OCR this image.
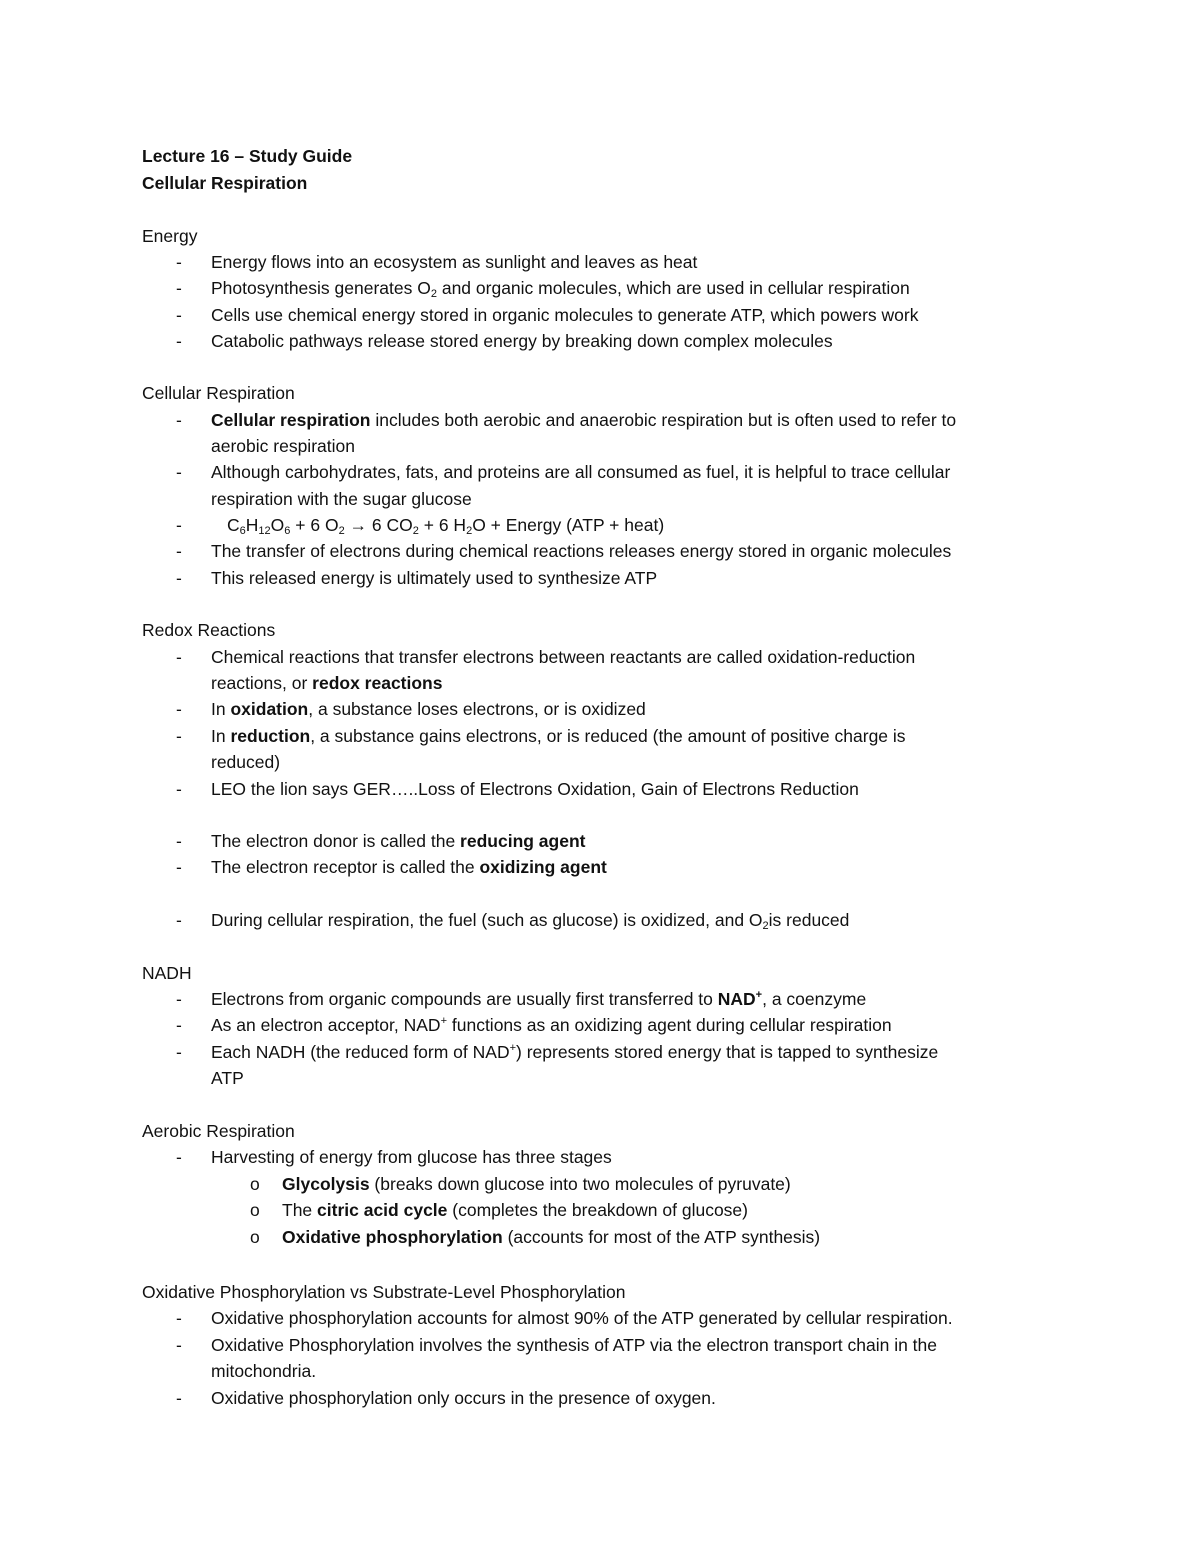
Lecture 16 – Study Guide
Cellular Respiration
Energy
- Energy flows into an ecosystem as sunlight and leaves as heat
- Photosynthesis generates $O_2$ and organic molecules, which are used in cellular respiration
- Cells use chemical energy stored in organic molecules to generate ATP, which powers work
- Catabolic pathways release stored energy by breaking down complex molecules
Cellular Respiration
- Cellular respiration includes both aerobic and anaerobic respiration but is often used to refer to
aerobic respiration
- Although carbohydrates, fats, and proteins are all consumed as fuel, it is helpful to trace cellular
respiration with the sugar glucose
-	$C_6H_{12}O_6 + 6$ $O_2 \to 6$ $CO_2 + 6$ $H_2O$ + Energy (ATP + heat)
- The transfer of electrons during chemical reactions releases energy stored in organic molecules
- This released energy is ultimately used to synthesize ATP
Redox Reactions
- Chemical reactions that transfer electrons between reactants are called oxidation-reduction
reactions, or redox reactions
- In oxidation, a substance loses electrons, or is oxidized
- In reduction, a substance gains electrons, or is reduced (the amount of positive charge is
reduced)
- LEO the lion says GER…..Loss of Electrons Oxidation, Gain of Electrons Reduction
- The electron donor is called the reducing agent
- The electron receptor is called the oxidizing agent
- During cellular respiration, the fuel (such as glucose) is oxidized, and $O_2is$ reduced
NADH
- Electrons from organic compounds are usually first transferred to NAD+, a coenzyme
- As an electron acceptor, NAD+ functions as an oxidizing agent during cellular respiration
- Each NADH (the reduced form of NAD+) represents stored energy that is tapped to synthesize
ATP
Aerobic Respiration
- Harvesting of energy from glucose has three stages
o Glycolysis (breaks down glucose into two molecules of pyruvate)
o The citric acid cycle (completes the breakdown of glucose)
o Oxidative phosphorylation (accounts for most of the ATP synthesis)
Oxidative Phosphorylation vs Substrate-Level Phosphorylation
- Oxidative phosphorylation accounts for almost 90% of the ATP generated by cellular respiration.
- Oxidative Phosphorylation involves the synthesis of ATP via the electron transport chain in the
mitochondria.
- Oxidative phosphorylation only occurs in the presence of oxygen.
